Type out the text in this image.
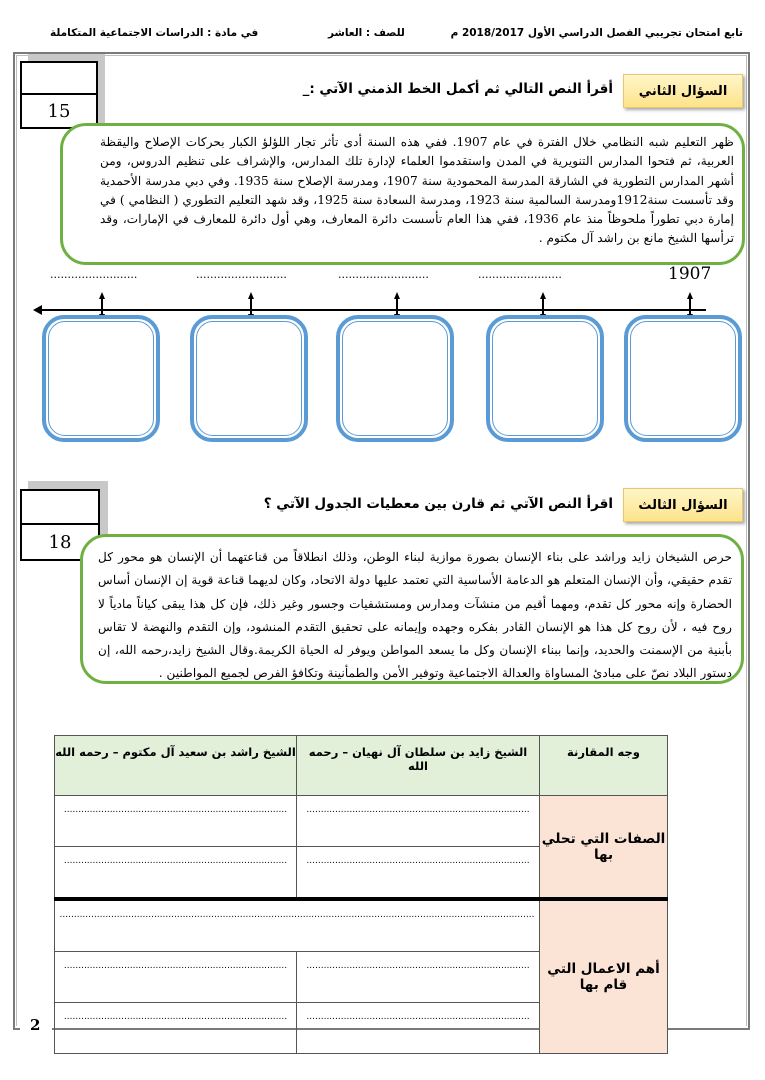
تابع امتحان تجريبي الفصل الدراسي الأول 2018/2017 م
للصف : العاشر
في مادة : الدراسات الاجتماعية المتكاملة
2
15
السؤال الثاني
أقرأ النص التالي ثم أكمل الخط الذمني الآتي :_
ظهر التعليم شبه النظامي خلال الفترة في عام 1907. ففي هذه السنة أدى تأثر تجار اللؤلؤ الكبار بحركات الإصلاح واليقظة العربية، ثم فتحوا المدارس التنويرية في المدن واستقدموا العلماء لإدارة تلك المدارس، والإشراف على تنظيم الدروس، ومن أشهر المدارس التطورية في الشارقة المدرسة المحمودية سنة 1907، ومدرسة الإصلاح سنة 1935. وفي دبي مدرسة الأحمدية وقد تأسست سنة1912ومدرسة السالمية سنة 1923، ومدرسة السعادة سنة 1925، وقد شهد التعليم التطوري ( النظامي ) في إمارة دبي تطوراً ملحوظاً منذ عام 1936، ففي هذا العام تأسست دائرة المعارف، وهي أول دائرة للمعارف في الإمارات، وقد ترأسها الشيخ مانع بن راشد آل مكتوم .
1907
........................
..........................
..........................
.........................
18
السؤال الثالث
اقرأ النص الآتي ثم قارن بين معطيات الجدول الآتي ؟
حرص الشيخان زايد وراشد على بناء الإنسان بصورة موازية لبناء الوطن، وذلك انطلاقاً من قناعتهما أن الإنسان هو محور كل تقدم حقيقي، وأن الإنسان المتعلم هو الدعامة الأساسية التي تعتمد عليها دولة الاتحاد، وكان لديهما قناعة قوية إن الإنسان أساس الحضارة وإنه محور كل تقدم، ومهما أقيم من منشآت ومدارس ومستشفيات وجسور وغير ذلك، فإن كل هذا يبقى كياناً مادياً لا روح فيه ، لأن روح كل هذا هو الإنسان القادر بفكره وجهده وإيمانه على تحقيق التقدم المنشود، وإن التقدم والنهضة لا تقاس بأبنية من الإسمنت والحديد، وإنما ببناء الإنسان وكل ما يسعد المواطن ويوفر له الحياة الكريمة.وقال الشيخ زايد،رحمه الله، إن دستور البلاد نصّ على مبادئ المساواة والعدالة الاجتماعية وتوفير الأمن والطمأنينة وتكافؤ الفرص لجميع المواطنين .
وجه المقارنة	الشيخ زايد بن سلطان آل نهيان – رحمه الله	الشيخ راشد بن سعيد آل مكتوم – رحمه الله
الصفات التي تحلي بها	..............................................................................	..............................................................................
	..............................................................................	..............................................................................
أهم الاعمال التي قام بها	......................................................................................................................................................................	
	..............................................................................	..............................................................................
	..............................................................................	..............................................................................
